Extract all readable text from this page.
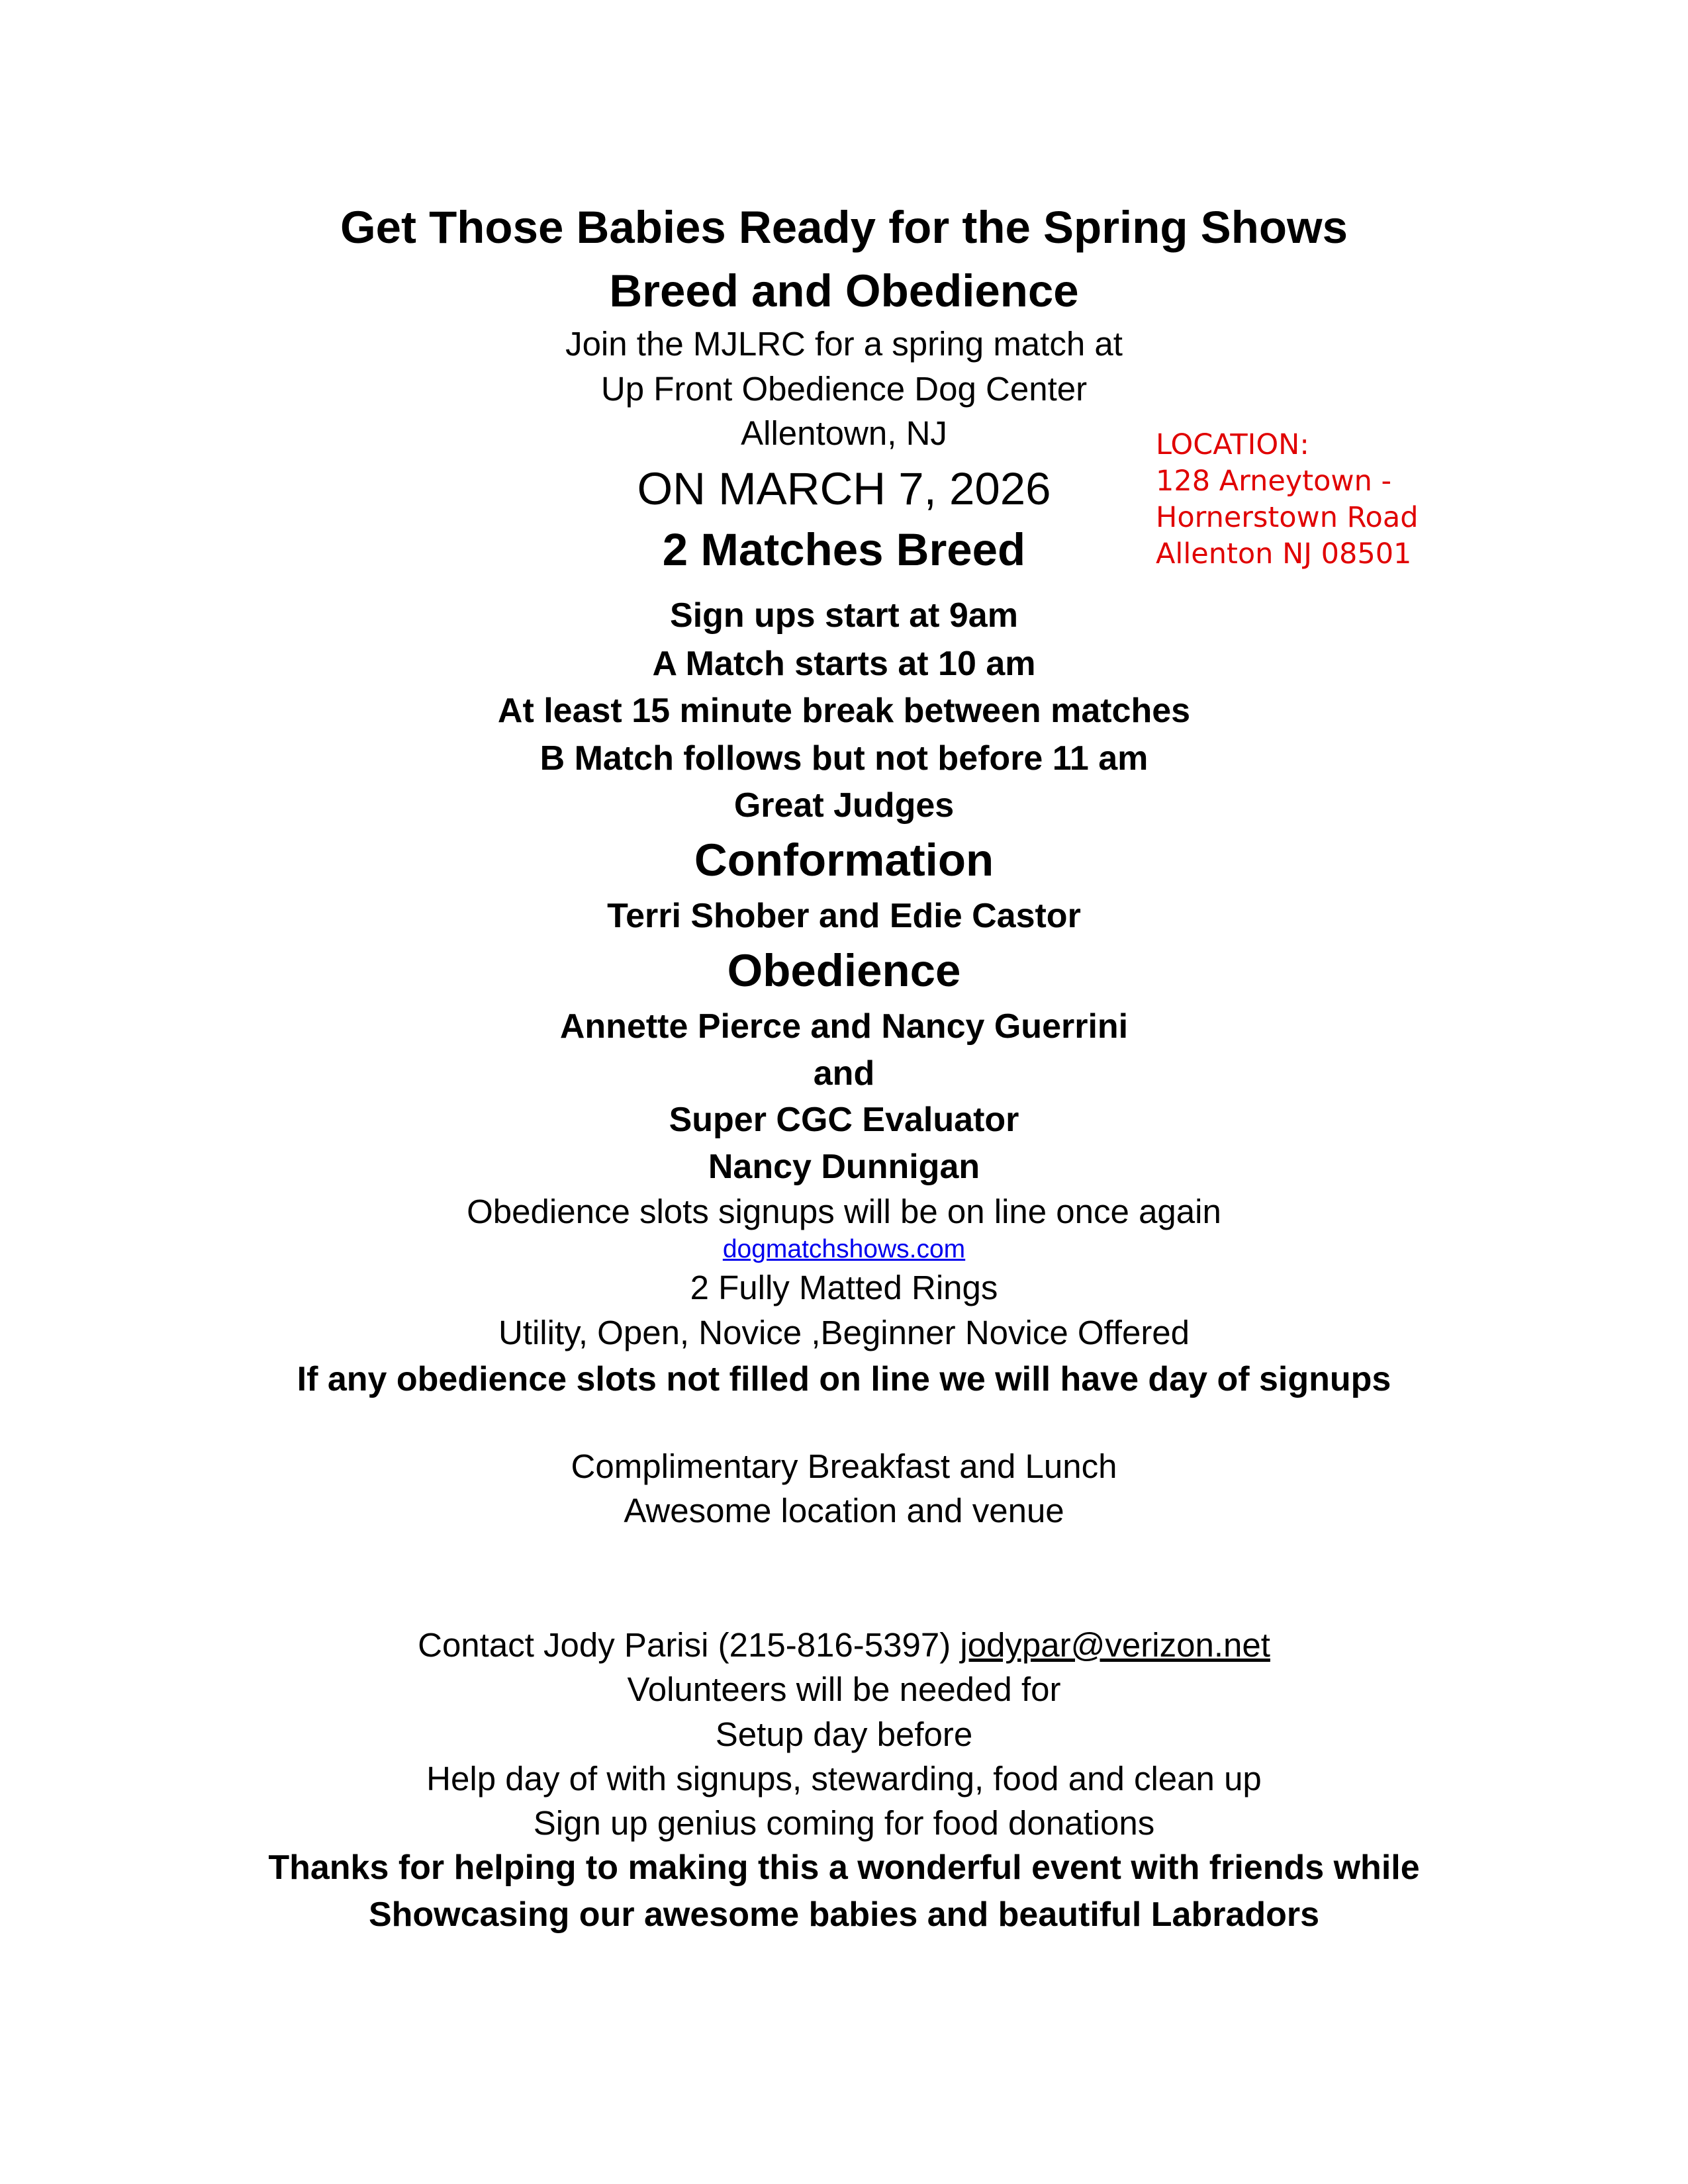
Get Those Babies Ready for the Spring Shows
Breed and Obedience
Join the MJLRC for a spring match at
Up Front Obedience Dog Center
Allentown, NJ
ON MARCH 7, 2026
2 Matches Breed
Sign ups start at 9am
A Match starts at 10 am
At least 15 minute break between matches
B Match follows but not before 11 am
Great Judges
Conformation
Terri Shober and Edie Castor
Obedience
Annette Pierce and Nancy Guerrini
and
Super CGC Evaluator
Nancy Dunnigan
Obedience slots signups will be on line once again
dogmatchshows.com
2 Fully Matted Rings
Utility, Open, Novice ,Beginner Novice Offered
If any obedience slots not filled on line we will have day of signups
Complimentary Breakfast and Lunch
Awesome location and venue
Contact Jody Parisi (215-816-5397) jodypar@verizon.net
Volunteers will be needed for
Setup day before
Help day of with signups, stewarding, food and clean up
Sign up genius coming for food donations
Thanks for helping to making this a wonderful event with friends while
Showcasing our awesome babies and beautiful Labradors
LOCATION:
128 Arneytown -
Hornerstown Road
Allenton NJ 08501
